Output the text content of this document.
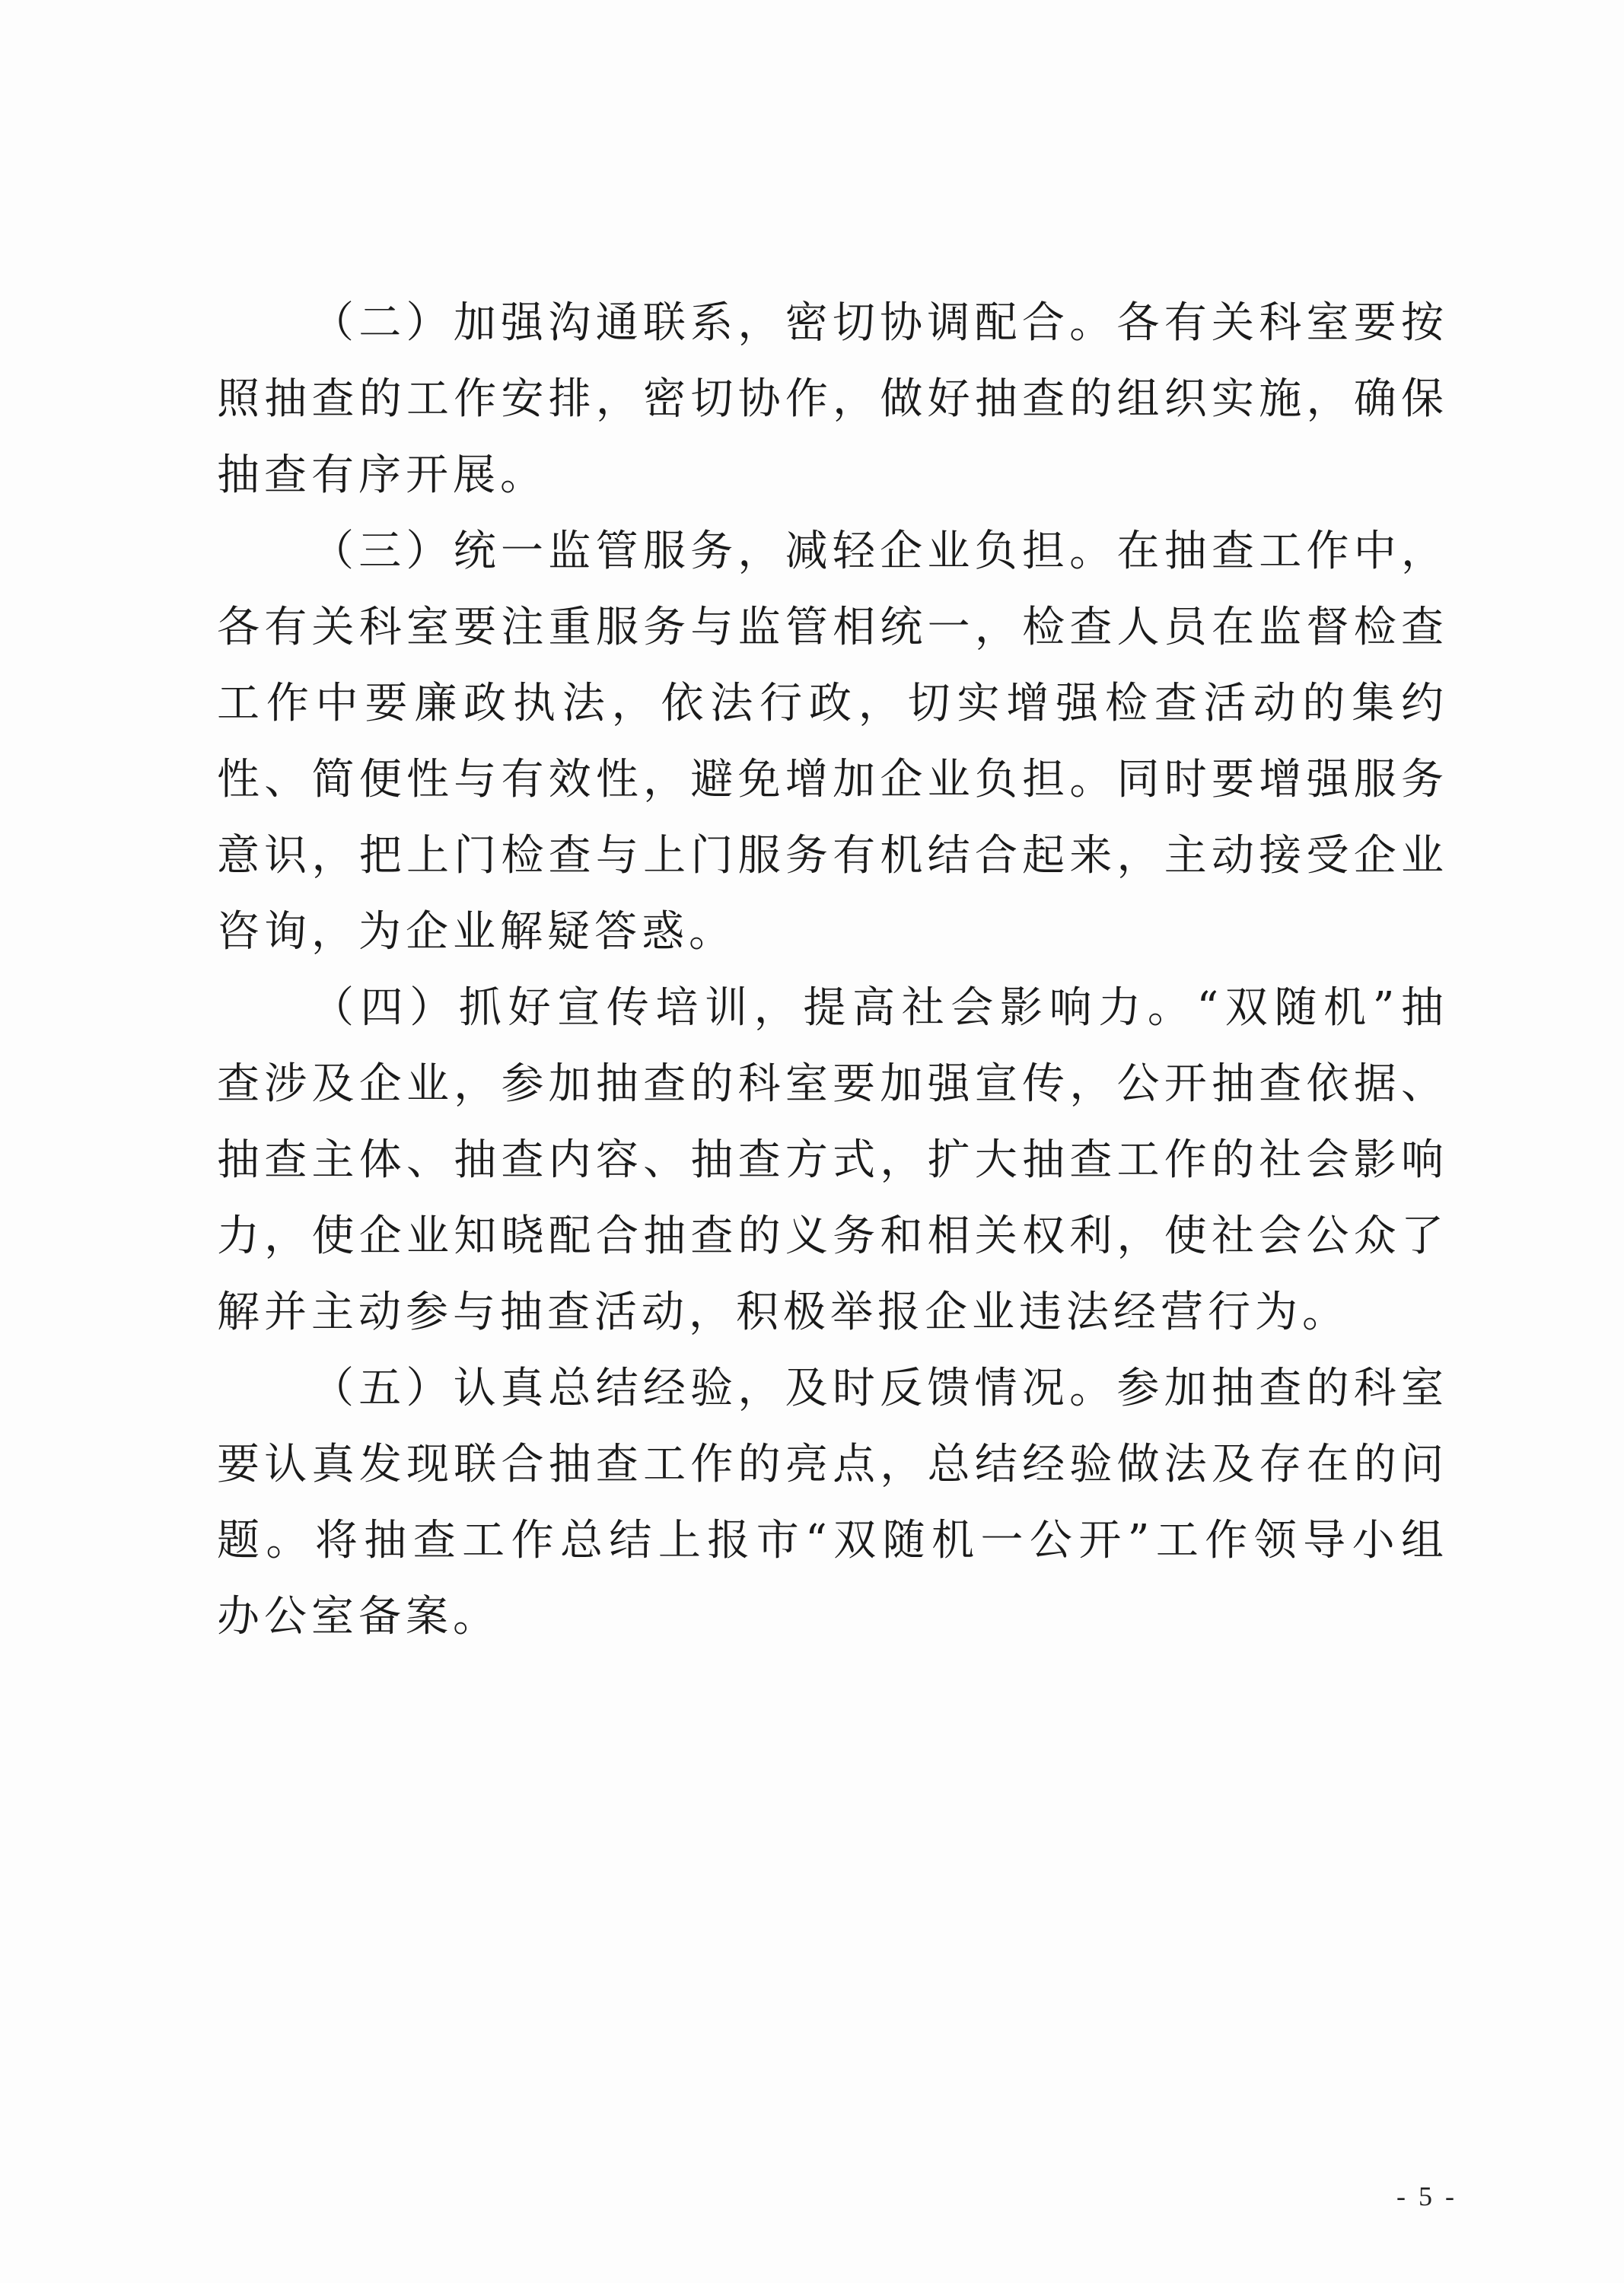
（二）加强沟通联系，密切协调配合。各有关科室要按照抽查的工作安排，密切协作，做好抽查的组织实施，确保抽查有序开展。

（三）统一监管服务，减轻企业负担。在抽查工作中，各有关科室要注重服务与监管相统一，检查人员在监督检查工作中要廉政执法，依法行政，切实增强检查活动的集约性、简便性与有效性，避免增加企业负担。同时要增强服务意识，把上门检查与上门服务有机结合起来，主动接受企业咨询，为企业解疑答惑。

（四）抓好宣传培训，提高社会影响力。“双随机”抽查涉及企业，参加抽查的科室要加强宣传，公开抽查依据、抽查主体、抽查内容、抽查方式，扩大抽查工作的社会影响力，使企业知晓配合抽查的义务和相关权利，使社会公众了解并主动参与抽查活动，积极举报企业违法经营行为。

（五）认真总结经验，及时反馈情况。参加抽查的科室要认真发现联合抽查工作的亮点，总结经验做法及存在的问题。将抽查工作总结上报市“双随机一公开”工作领导小组办公室备案。

- 5 -
